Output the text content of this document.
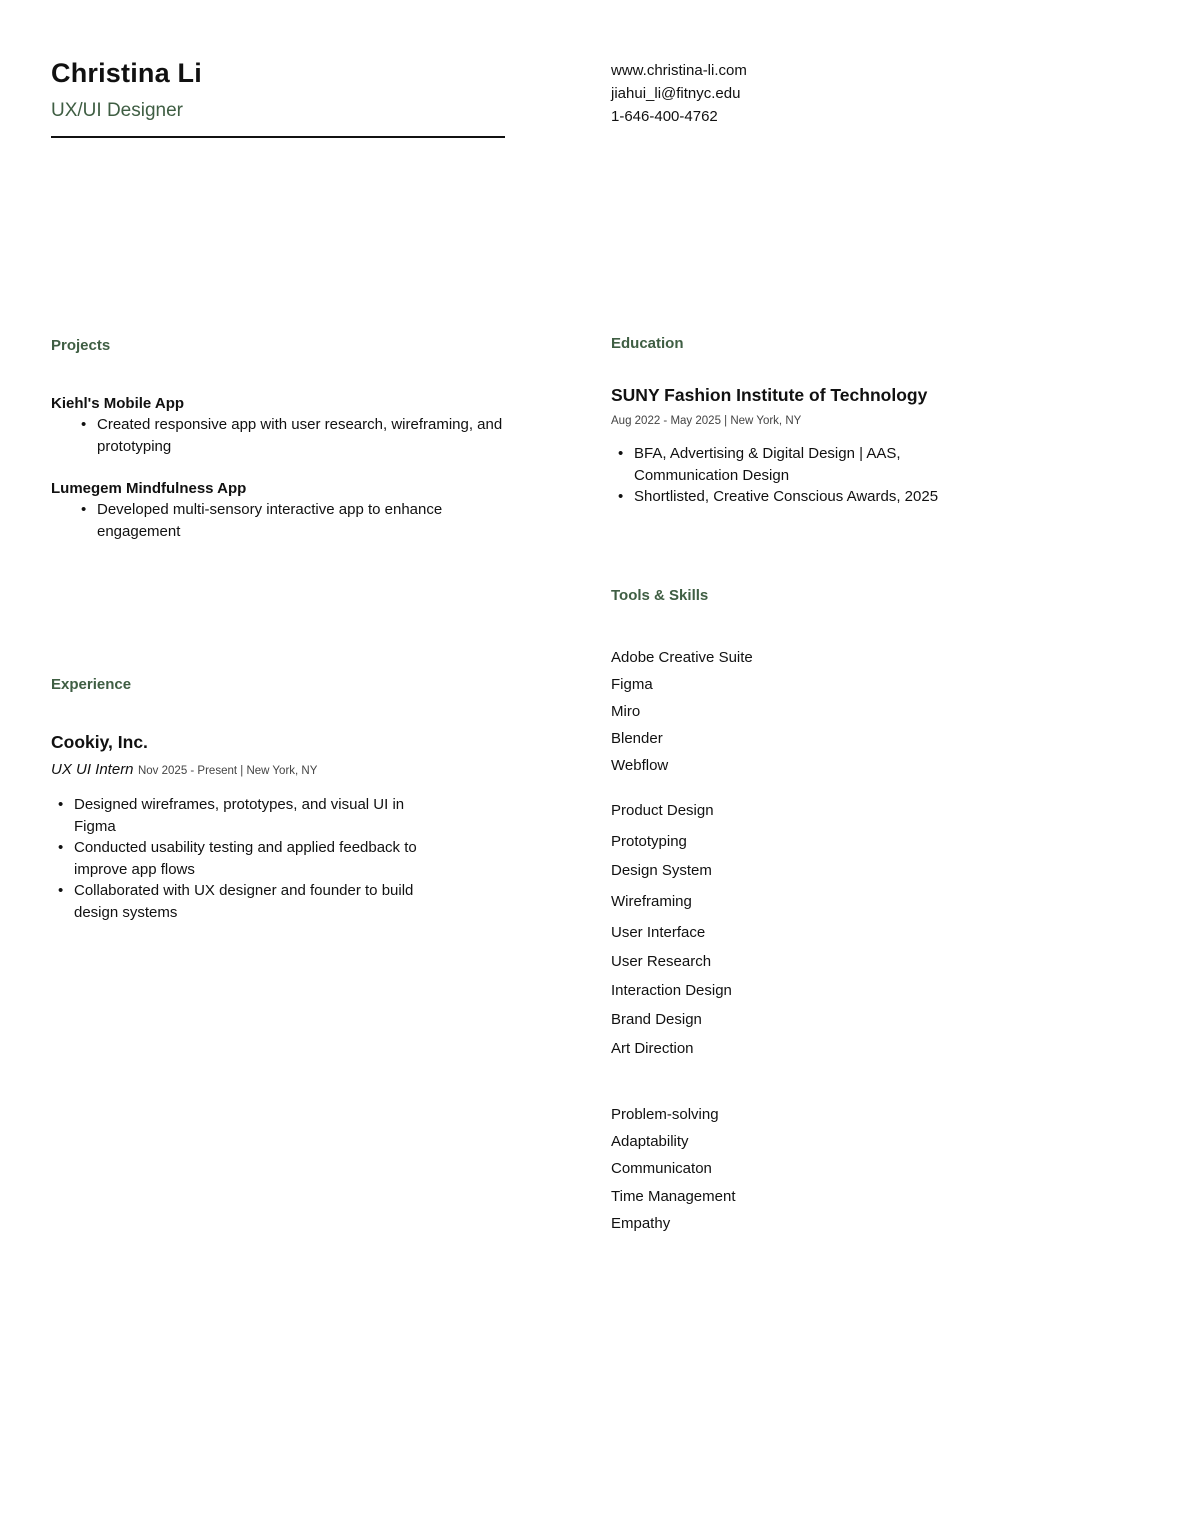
Christina Li
UX/UI Designer
www.christina-li.com
jiahui_li@fitnyc.edu
1-646-400-4762
Projects
Kiehl's Mobile App
• Created responsive app with user research, wireframing, and prototyping
Lumegem Mindfulness App
• Developed multi-sensory interactive app to enhance engagement
Experience
Cookiy, Inc.
UX UI Intern Nov 2025 - Present | New York, NY
• Designed wireframes, prototypes, and visual UI in Figma
• Conducted usability testing and applied feedback to improve app flows
• Collaborated with UX designer and founder to build design systems
Education
SUNY Fashion Institute of Technology
Aug 2022 - May 2025 | New York, NY
• BFA, Advertising & Digital Design | AAS, Communication Design
• Shortlisted, Creative Conscious Awards, 2025
Tools & Skills
Adobe Creative Suite
Figma
Miro
Blender
Webflow
Product Design
Prototyping
Design System
Wireframing
User Interface
User Research
Interaction Design
Brand Design
Art Direction
Problem-solving
Adaptability
Communicaton
Time Management
Empathy
